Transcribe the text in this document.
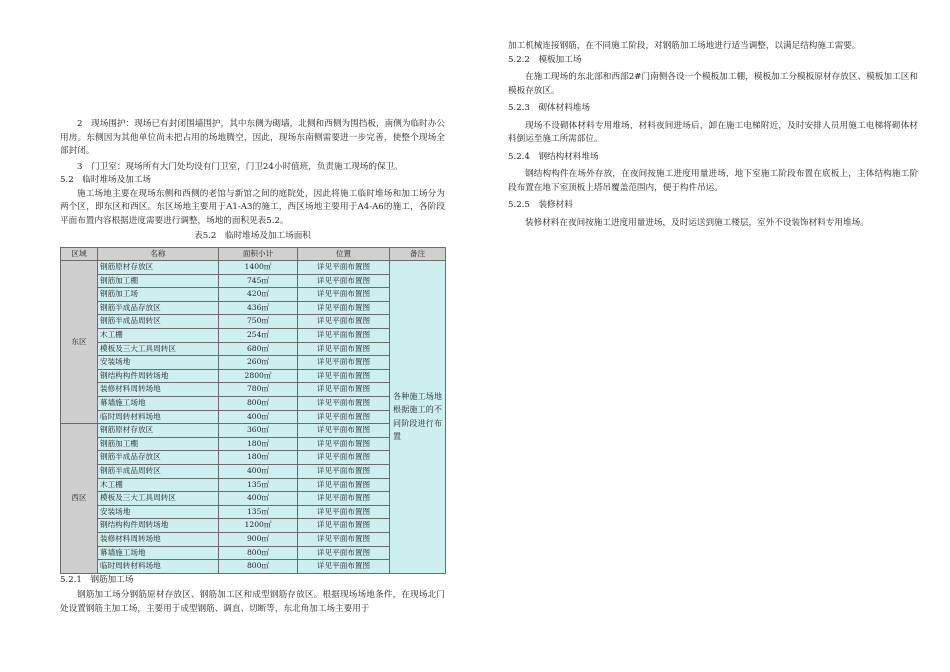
2　现场围护：现场已有封闭围墙围护，其中东侧为砌墙，北侧和西侧为围挡板，南侧为临时办公用房。东侧因为其他单位尚未把占用的场地腾空，因此，现场东南侧需要进一步完善，使整个现场全部封闭。

3　门卫室：现场所有大门处均设有门卫室，门卫24小时值班，负责施工现场的保卫。

5.2　临时堆场及加工场

施工场地主要在现场东侧和西侧的老馆与新馆之间的庭院处，因此将施工临时堆场和加工场分为两个区，即东区和西区。东区场地主要用于A1-A3的施工，西区场地主要用于A4-A6的施工，各阶段平面布置内容根据进度需要进行调整，场地的面积见表5.2。

表5.2　临时堆场及加工场面积

区域	名称	面积小计	位置	备注
东区	钢筋原材存放区	1400㎡	详见平面布置图	各种施工场地根据施工的不同阶段进行布置
	钢筋加工棚	745㎡	详见平面布置图	
	钢筋加工场	420㎡	详见平面布置图	
	钢筋半成品存放区	436㎡	详见平面布置图	
	钢筋半成品周转区	750㎡	详见平面布置图	
	木工棚	254㎡	详见平面布置图	
	模板及三大工具周转区	680㎡	详见平面布置图	
	安装场地	260㎡	详见平面布置图	
	钢结构构件周转场地	2800㎡	详见平面布置图	
	装修材料周转场地	780㎡	详见平面布置图	
	幕墙施工场地	800㎡	详见平面布置图	
	临时周转材料场地	400㎡	详见平面布置图	
西区	钢筋原材存放区	360㎡	详见平面布置图	
	钢筋加工棚	180㎡	详见平面布置图	
	钢筋半成品存放区	180㎡	详见平面布置图	
	钢筋半成品周转区	400㎡	详见平面布置图	
	木工棚	135㎡	详见平面布置图	
	模板及三大工具周转区	400㎡	详见平面布置图	
	安装场地	135㎡	详见平面布置图	
	钢结构构件周转场地	1200㎡	详见平面布置图	
	装修材料周转场地	900㎡	详见平面布置图	
	幕墙施工场地	800㎡	详见平面布置图	
	临时周转材料场地	800㎡	详见平面布置图	

5.2.1　钢筋加工场

钢筋加工场分钢筋原材存放区、钢筋加工区和成型钢筋存放区。根据现场场地条件，在现场北门处设置钢筋主加工场，主要用于成型钢筋、调直、切断等，东北角加工场主要用于

加工机械连接钢筋，在不同施工阶段，对钢筋加工场地进行适当调整，以满足结构施工需要。

5.2.2　模板加工场

在施工现场的东北部和西部2#门南侧各设一个模板加工棚，模板加工分模板原材存放区、模板加工区和模板存放区。

5.2.3　砌体材料堆场

现场不设砌体材料专用堆场，材料夜间进场后，卸在施工电梯附近，及时安排人员用施工电梯将砌体材料倒运至施工所需部位。

5.2.4　钢结构材料堆场

钢结构构件在场外存放，在夜间按施工进度用量进场，地下室施工阶段布置在底板上，主体结构施工阶段布置在地下室顶板上塔吊覆盖范围内，便于构件吊运。

5.2.5　装修材料

装修材料在夜间按施工进度用量进场，及时运送到施工楼层，室外不设装饰材料专用堆场。
